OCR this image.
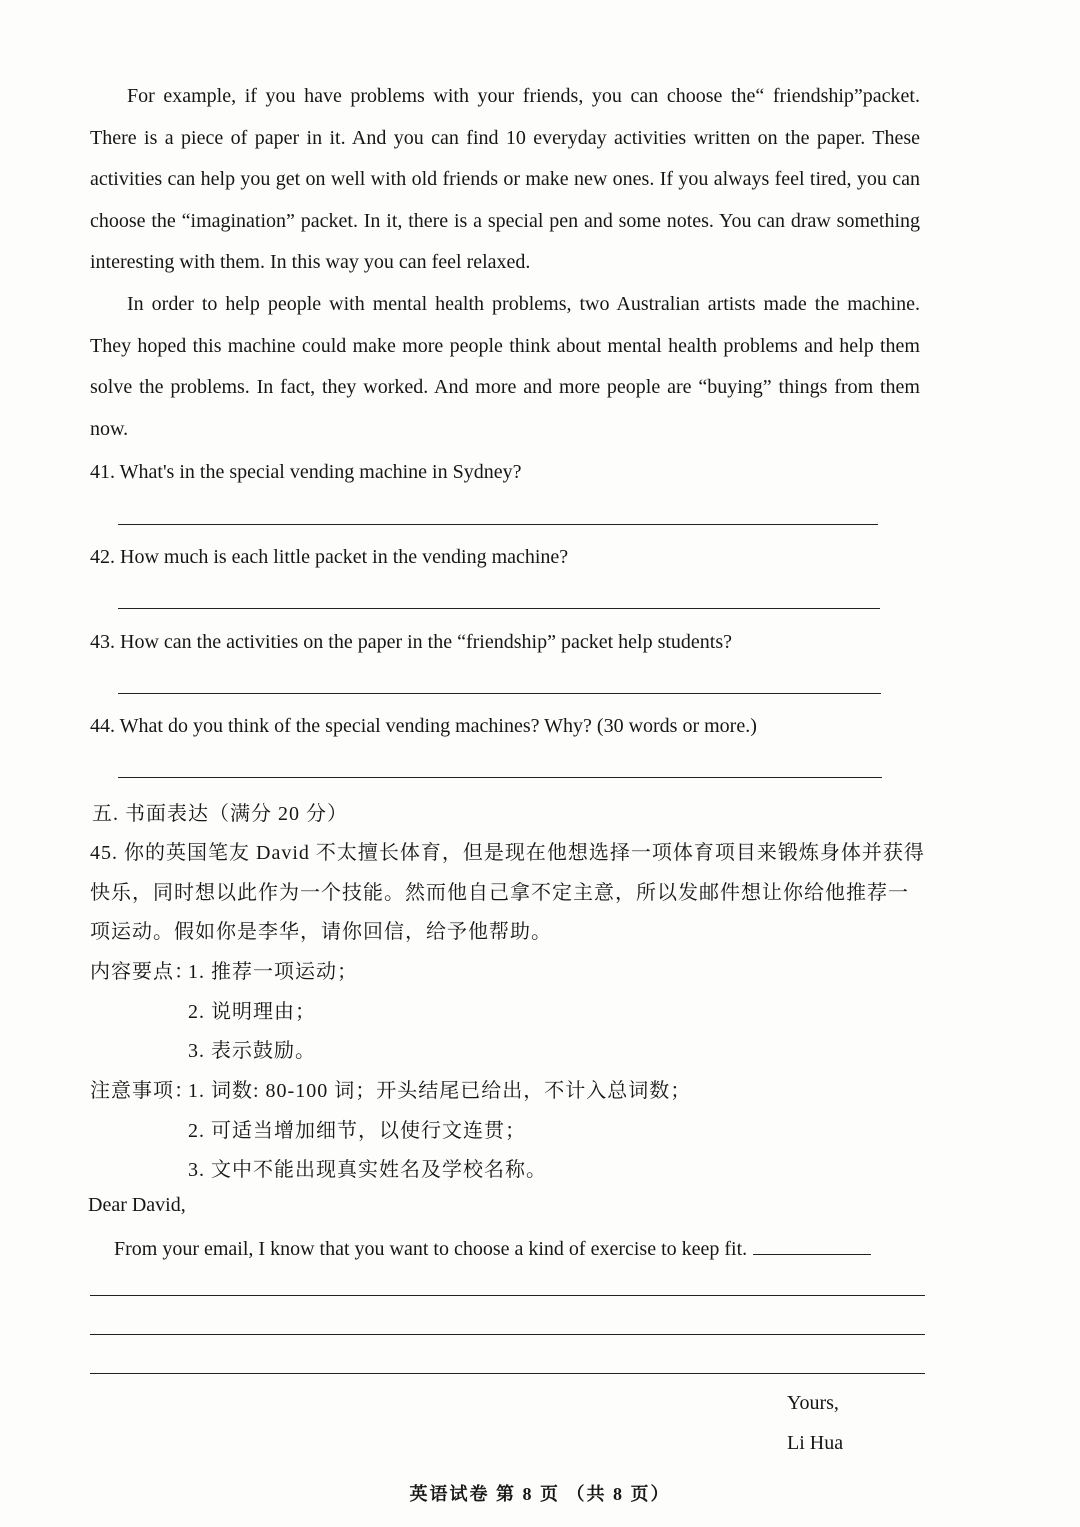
For example, if you have problems with your friends, you can choose the“ friendship”packet. There is a piece of paper in it. And you can find 10 everyday activities written on the paper. These activities can help you get on well with old friends or make new ones. If you always feel tired, you can choose the “imagination” packet. In it, there is a special pen and some notes. You can draw something interesting with them. In this way you can feel relaxed.

In order to help people with mental health problems, two Australian artists made the machine. They hoped this machine could make more people think about mental health problems and help them solve the problems. In fact, they worked. And more and more people are “buying” things from them now.

41. What's in the special vending machine in Sydney?

42. How much is each little packet in the vending machine?

43. How can the activities on the paper in the “friendship” packet help students?

44. What do you think of the special vending machines? Why? (30 words or more.)

五. 书面表达（满分 20 分）

45. 你的英国笔友 David 不太擅长体育，但是现在他想选择一项体育项目来锻炼身体并获得

快乐，同时想以此作为一个技能。然而他自己拿不定主意，所以发邮件想让你给他推荐一

项运动。假如你是李华，请你回信，给予他帮助。

内容要点：

1. 推荐一项运动；

2. 说明理由；

3. 表示鼓励。

注意事项：

1. 词数: 80-100 词；开头结尾已给出，不计入总词数；

2. 可适当增加细节，以使行文连贯；

3. 文中不能出现真实姓名及学校名称。

Dear David,

From your email, I know that you want to choose a kind of exercise to keep fit.

Yours,

Li Hua

英语试卷 第 8 页 （共 8 页）
